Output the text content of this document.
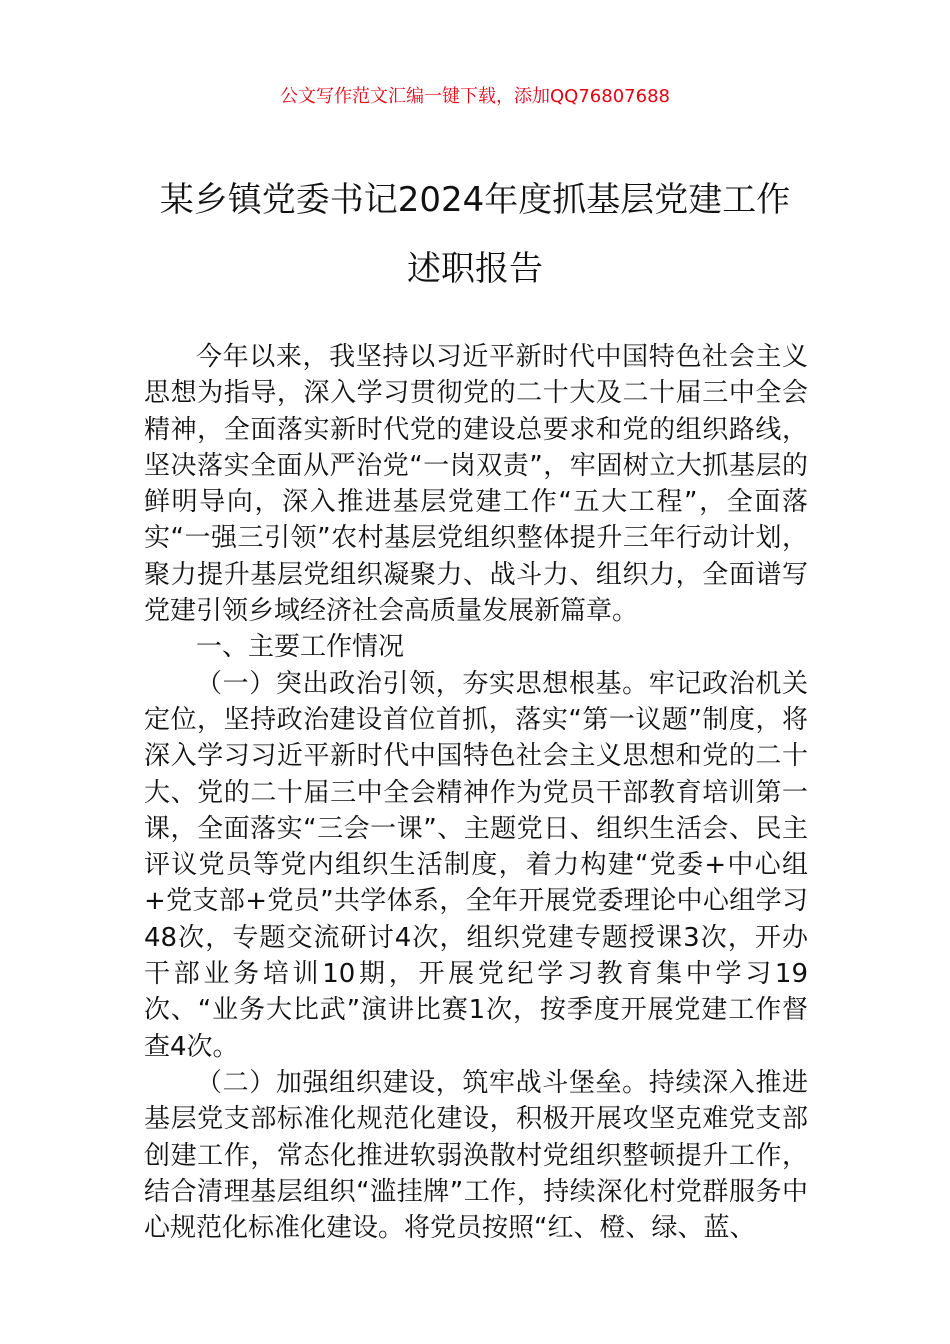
公文写作范文汇编一键下载，添加QQ76807688
某乡镇党委书记2024年度抓基层党建工作
述职报告

今年以来，我坚持以习近平新时代中国特色社会主义思想为指导，深入学习贯彻党的二十大及二十届三中全会精神，全面落实新时代党的建设总要求和党的组织路线，坚决落实全面从严治党“一岗双责”，牢固树立大抓基层的鲜明导向，深入推进基层党建工作“五大工程”，全面落实“一强三引领”农村基层党组织整体提升三年行动计划，聚力提升基层党组织凝聚力、战斗力、组织力，全面谱写党建引领乡域经济社会高质量发展新篇章。

一、主要工作情况

（一）突出政治引领，夯实思想根基。牢记政治机关定位，坚持政治建设首位首抓，落实“第一议题”制度，将深入学习习近平新时代中国特色社会主义思想和党的二十大、党的二十届三中全会精神作为党员干部教育培训第一课，全面落实“三会一课”、主题党日、组织生活会、民主评议党员等党内组织生活制度，着力构建“党委+中心组+党支部+党员”共学体系，全年开展党委理论中心组学习48次，专题交流研讨4次，组织党建专题授课3次，开办干部业务培训10期，开展党纪学习教育集中学习19次、“业务大比武”演讲比赛1次，按季度开展党建工作督查4次。

（二）加强组织建设，筑牢战斗堡垒。持续深入推进基层党支部标准化规范化建设，积极开展攻坚克难党支部创建工作，常态化推进软弱涣散村党组织整顿提升工作，结合清理基层组织“滥挂牌”工作，持续深化村党群服务中心规范化标准化建设。将党员按照“红、橙、绿、蓝、
